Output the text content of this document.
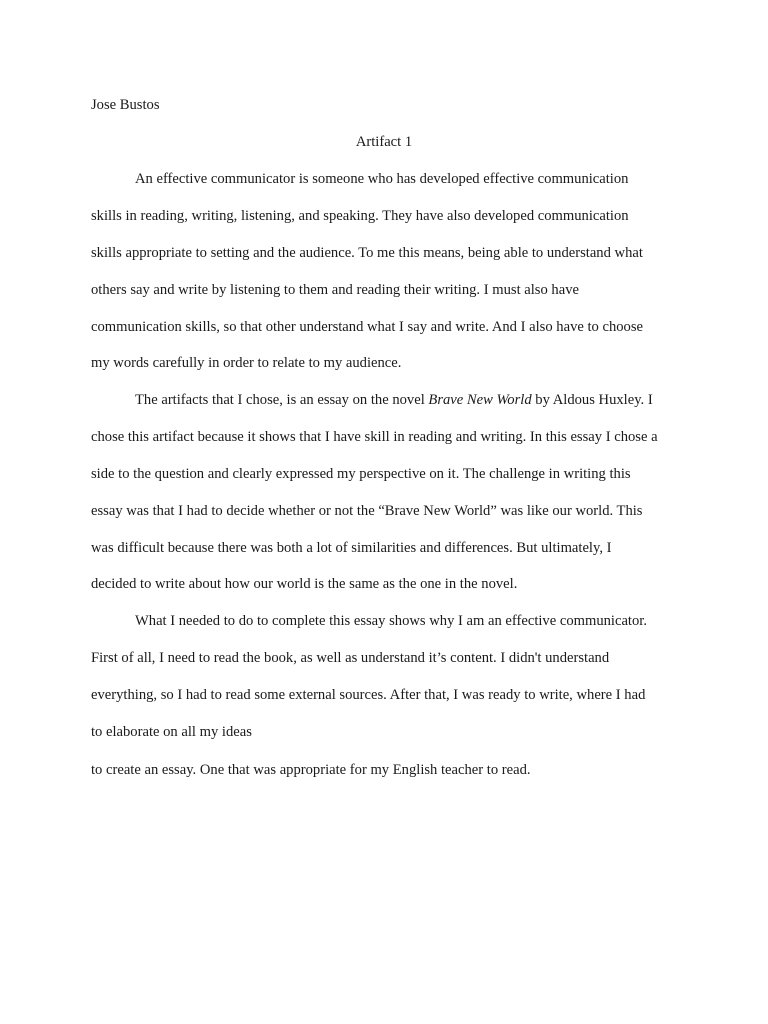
Jose Bustos
Artifact 1
An effective communicator is someone who has developed effective communication
skills in reading, writing, listening, and speaking. They have also developed communication
skills appropriate to setting and the audience. To me this means, being able to understand what
others say and write by listening to them and reading their writing. I must also have
communication skills, so that other understand what I say and write. And I also have to choose
my words carefully in order to relate to my audience.
The artifacts that I chose, is an essay on the novel Brave New World by Aldous Huxley. I
chose this artifact because it shows that I have skill in reading and writing. In this essay I chose a
side to the question and clearly expressed my perspective on it. The challenge in writing this
essay was that I had to decide whether or not the “Brave New World” was like our world. This
was difficult because there was both a lot of similarities and differences. But ultimately, I
decided to write about how our world is the same as the one in the novel.
What I needed to do to complete this essay shows why I am an effective communicator.
First of all, I need to read the book, as well as understand it’s content. I didn't understand
everything, so I had to read some external sources. After that, I was ready to write, where I had
to elaborate on all my ideas
to create an essay. One that was appropriate for my English teacher to read.
